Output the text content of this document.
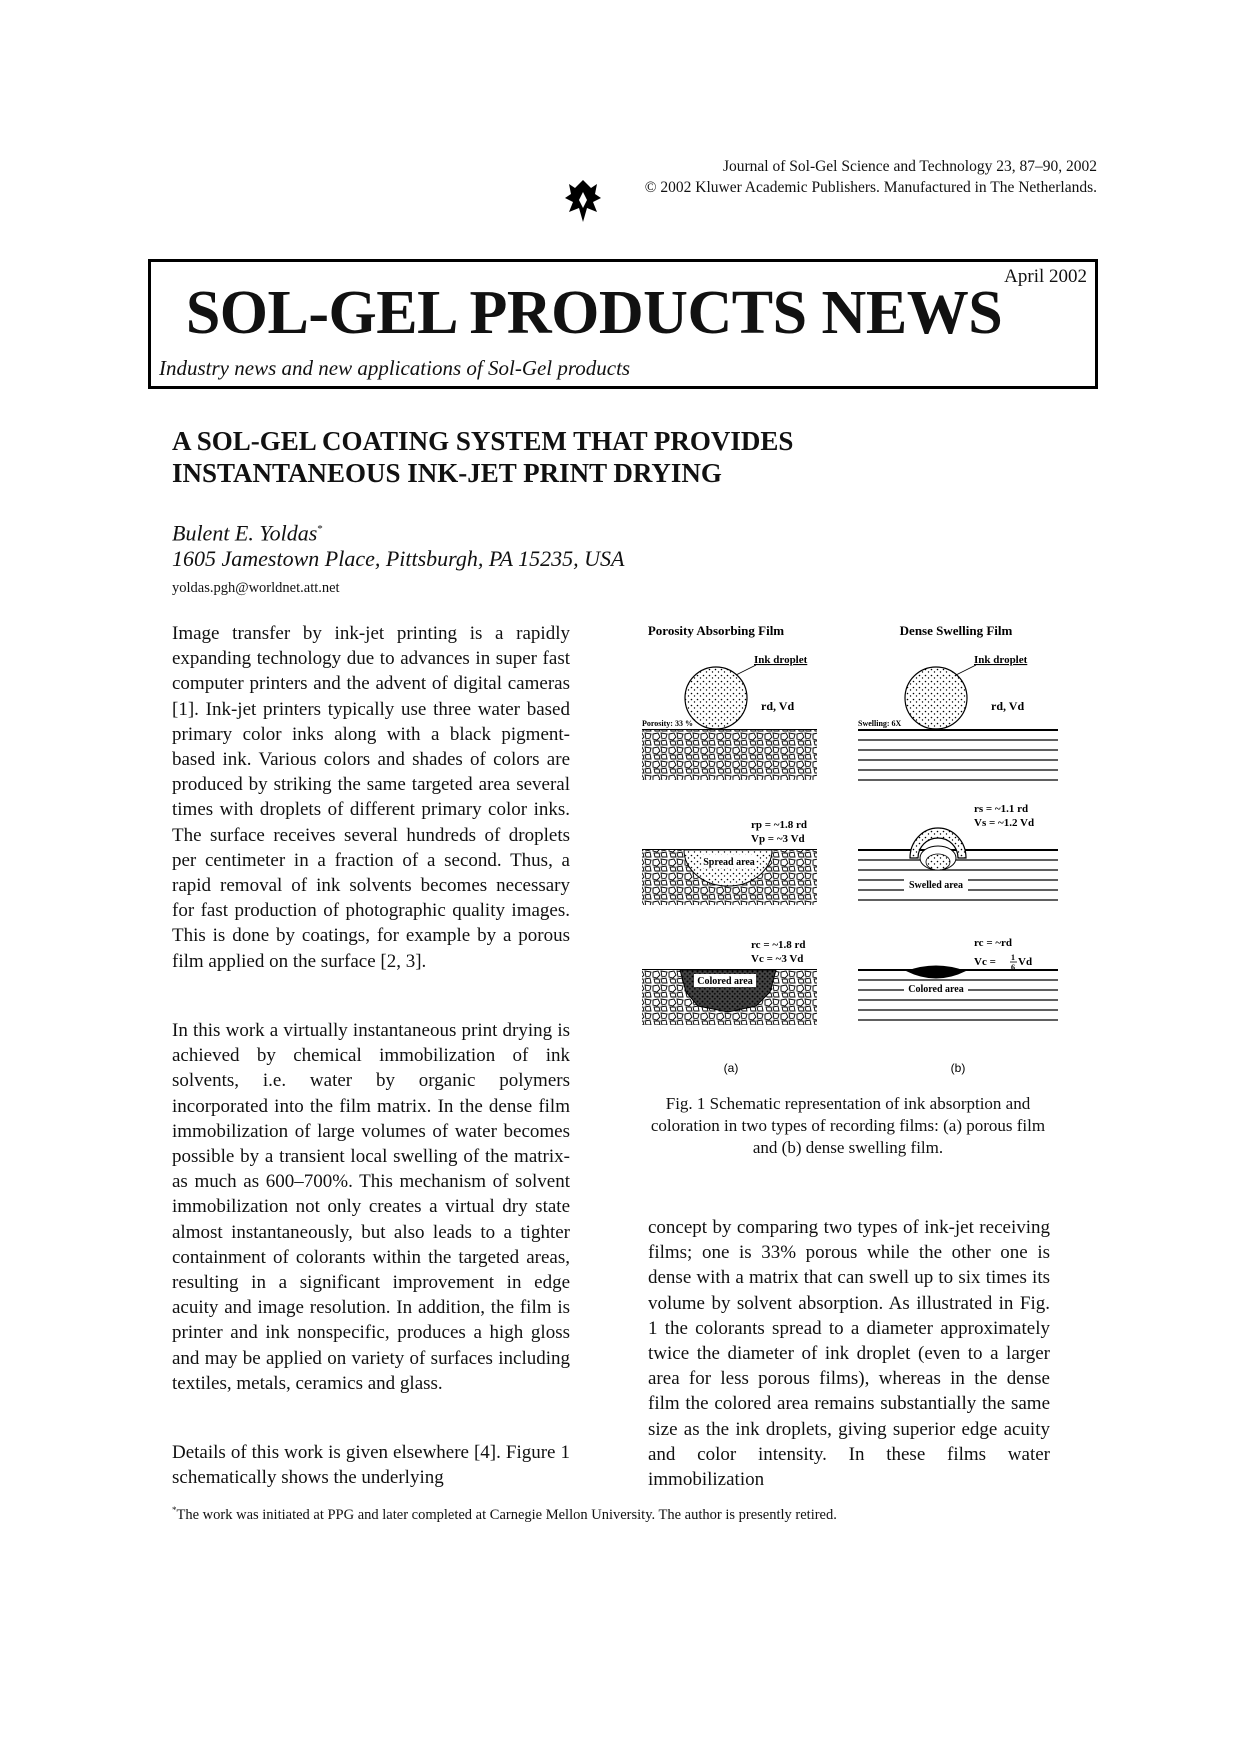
Journal of Sol-Gel Science and Technology 23, 87–90, 2002
© 2002 Kluwer Academic Publishers. Manufactured in The Netherlands.
April 2002
SOL-GEL PRODUCTS NEWS
Industry news and new applications of Sol-Gel products
A SOL-GEL COATING SYSTEM THAT PROVIDES
INSTANTANEOUS INK-JET PRINT DRYING
Bulent E. Yoldas*
1605 Jamestown Place, Pittsburgh, PA 15235, USA
yoldas.pgh@worldnet.att.net

Image transfer by ink-jet printing is a rapidly expanding technology due to advances in super fast computer printers and the advent of digital cameras [1]. Ink-jet printers typically use three water based primary color inks along with a black pigment-based ink. Various colors and shades of colors are produced by striking the same targeted area several times with droplets of different primary color inks. The surface receives several hundreds of droplets per centimeter in a fraction of a second. Thus, a rapid removal of ink solvents becomes necessary for fast production of photographic quality images. This is done by coatings, for example by a porous film applied on the surface [2, 3].

In this work a virtually instantaneous print drying is achieved by chemical immobilization of ink solvents, i.e. water by organic polymers incorporated into the film matrix. In the dense film immobilization of large volumes of water becomes possible by a transient local swelling of the matrix-as much as 600–700%. This mechanism of solvent immobilization not only creates a virtual dry state almost instantaneously, but also leads to a tighter containment of colorants within the targeted areas, resulting in a significant improvement in edge acuity and image resolution. In addition, the film is printer and ink nonspecific, produces a high gloss and may be applied on variety of surfaces including textiles, metals, ceramics and glass.

Details of this work is given elsewhere [4]. Figure 1 schematically shows the underlying

concept by comparing two types of ink-jet receiving films; one is 33% porous while the other one is dense with a matrix that can swell up to six times its volume by solvent absorption. As illustrated in Fig. 1 the colorants spread to a diameter approximately twice the diameter of ink droplet (even to a larger area for less porous films), whereas in the dense film the colored area remains substantially the same size as the ink droplets, giving superior edge acuity and color intensity. In these films water immobilization

Porosity Absorbing Film	Dense Swelling Film
Ink droplet
rd, Vd
Porosity: 33 %
Ink droplet
rd, Vd
Swelling: 6X
rp = ~1.8 rd
Vp = ~3 Vd
Spread area
rs = ~1.1 rd
Vs = ~1.2 Vd
Swelled area
rc = ~1.8 rd
Vc = ~3 Vd
Colored area
rc = ~rd
Vc = 1
6 Vd
Colored area
(a)	(b)
Fig. 1 Schematic representation of ink absorption and coloration in two types of recording films: (a) porous film and (b) dense swelling film.
*The work was initiated at PPG and later completed at Carnegie Mellon University. The author is presently retired.
